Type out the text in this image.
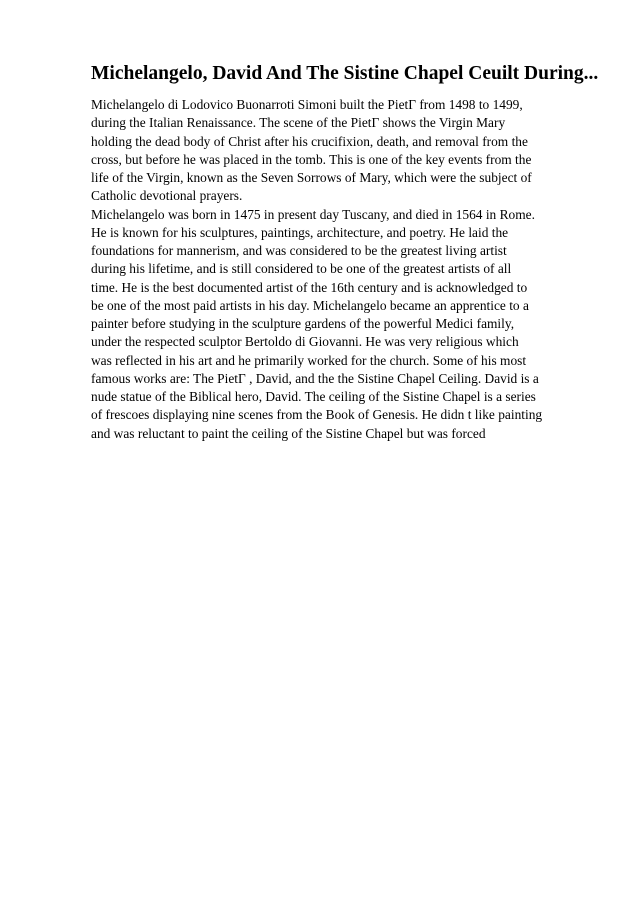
Michelangelo, David And The Sistine Chapel Ceuilt During...
Michelangelo di Lodovico Buonarroti Simoni built the PietГ from 1498 to 1499,
during the Italian Renaissance. The scene of the PietГ shows the Virgin Mary
holding the dead body of Christ after his crucifixion, death, and removal from the
cross, but before he was placed in the tomb. This is one of the key events from the
life of the Virgin, known as the Seven Sorrows of Mary, which were the subject of
Catholic devotional prayers.
Michelangelo was born in 1475 in present day Tuscany, and died in 1564 in Rome.
He is known for his sculptures, paintings, architecture, and poetry. He laid the
foundations for mannerism, and was considered to be the greatest living artist
during his lifetime, and is still considered to be one of the greatest artists of all
time. He is the best documented artist of the 16th century and is acknowledged to
be one of the most paid artists in his day. Michelangelo became an apprentice to a
painter before studying in the sculpture gardens of the powerful Medici family,
under the respected sculptor Bertoldo di Giovanni. He was very religious which
was reflected in his art and he primarily worked for the church. Some of his most
famous works are: The PietГ , David, and the the Sistine Chapel Ceiling. David is a
nude statue of the Biblical hero, David. The ceiling of the Sistine Chapel is a series
of frescoes displaying nine scenes from the Book of Genesis. He didn t like painting
and was reluctant to paint the ceiling of the Sistine Chapel but was forced
